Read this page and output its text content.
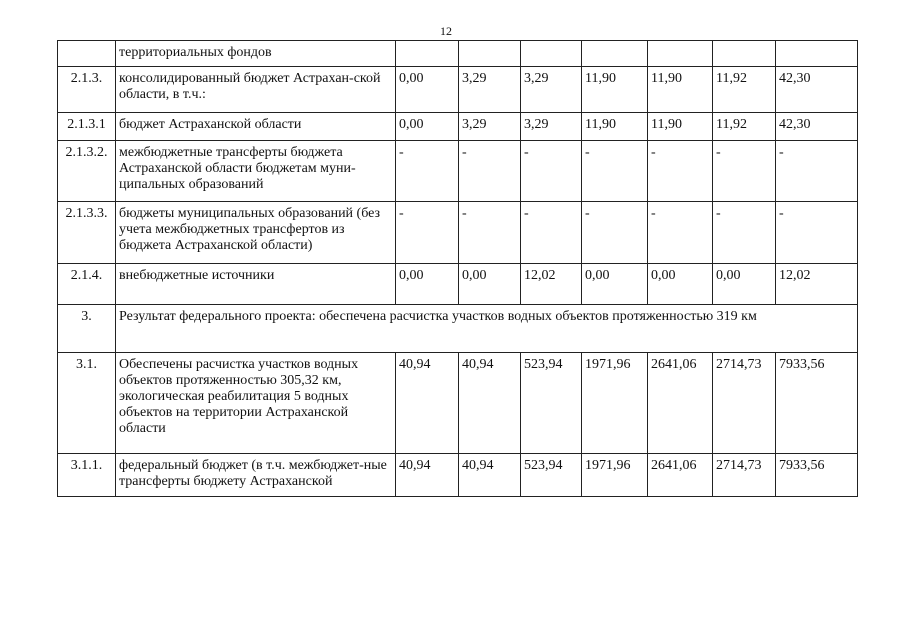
12
	территориальных фондов							
2.1.3.	консолидированный бюджет Астрахан-ской области, в т.ч.:	0,00	3,29	3,29	11,90	11,90	11,92	42,30
2.1.3.1	бюджет Астраханской области	0,00	3,29	3,29	11,90	11,90	11,92	42,30
2.1.3.2.	межбюджетные трансферты бюджета Астраханской области бюджетам муни-ципальных образований	-	-	-	-	-	-	-
2.1.3.3.	бюджеты муниципальных образований (без учета межбюджетных трансфертов из бюджета Астраханской области)	-	-	-	-	-	-	-
2.1.4.	внебюджетные источники	0,00	0,00	12,02	0,00	0,00	0,00	12,02
3.	Результат федерального проекта: обеспечена расчистка участков водных объектов протяженностью 319 км							
3.1.	Обеспечены расчистка участков водных объектов протяженностью 305,32 км, экологическая реабилитация 5 водных объектов на территории Астраханской области	40,94	40,94	523,94	1971,96	2641,06	2714,73	7933,56
3.1.1.	федеральный бюджет (в т.ч. межбюджет-ные трансферты бюджету Астраханской	40,94	40,94	523,94	1971,96	2641,06	2714,73	7933,56
